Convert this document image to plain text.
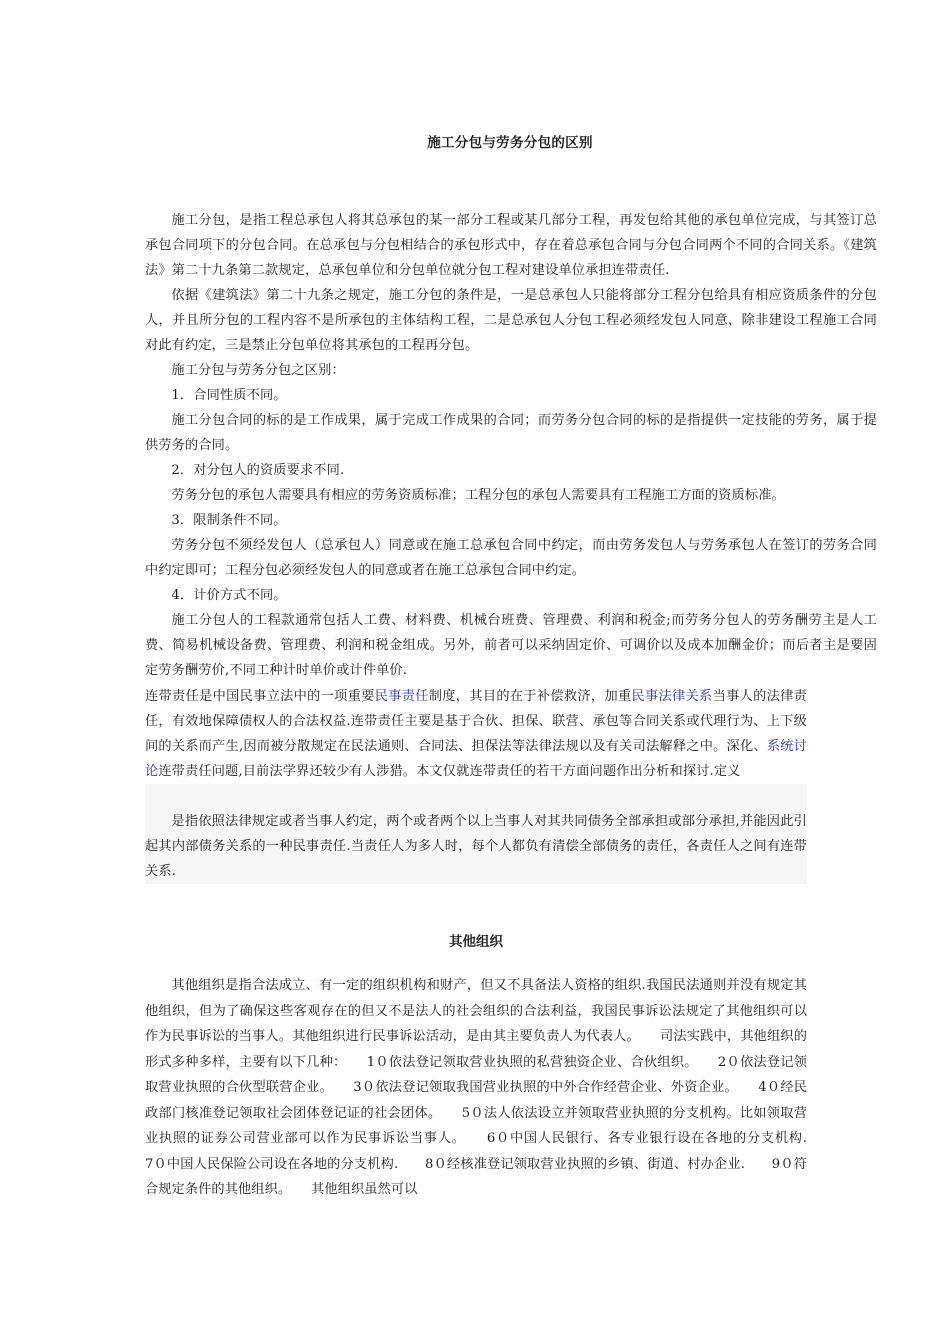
施工分包与劳务分包的区别

施工分包，是指工程总承包人将其总承包的某一部分工程或某几部分工程，再发包给其他的承包单位完成，与其签订总承包合同项下的分包合同。在总承包与分包相结合的承包形式中，存在着总承包合同与分包合同两个不同的合同关系。《建筑法》第二十九条第二款规定，总承包单位和分包单位就分包工程对建设单位承担连带责任.

依据《建筑法》第二十九条之规定，施工分包的条件是，一是总承包人只能将部分工程分包给具有相应资质条件的分包人，并且所分包的工程内容不是所承包的主体结构工程，二是总承包人分包工程必须经发包人同意，除非建设工程施工合同对此有约定，三是禁止分包单位将其承包的工程再分包。

施工分包与劳务分包之区别：

1．合同性质不同。

施工分包合同的标的是工作成果，属于完成工作成果的合同；而劳务分包合同的标的是指提供一定技能的劳务，属于提供劳务的合同。

2．对分包人的资质要求不同.

劳务分包的承包人需要具有相应的劳务资质标准；工程分包的承包人需要具有工程施工方面的资质标准。

3．限制条件不同。

劳务分包不须经发包人（总承包人）同意或在施工总承包合同中约定，而由劳务发包人与劳务承包人在签订的劳务合同中约定即可；工程分包必须经发包人的同意或者在施工总承包合同中约定。

4．计价方式不同。

施工分包人的工程款通常包括人工费、材料费、机械台班费、管理费、利润和税金;而劳务分包人的劳务酬劳主是人工费、简易机械设备费、管理费、利润和税金组成。另外，前者可以采纳固定价、可调价以及成本加酬金价；而后者主是要固定劳务酬劳价,不同工种计时单价或计件单价.

连带责任是中国民事立法中的一项重要民事责任制度，其目的在于补偿救济，加重民事法律关系当事人的法律责任，有效地保障债权人的合法权益.连带责任主要是基于合伙、担保、联营、承包等合同关系或代理行为、上下级间的关系而产生,因而被分散规定在民法通则、合同法、担保法等法律法规以及有关司法解释之中。深化、系统讨论连带责任问题,目前法学界还较少有人涉猎。本文仅就连带责任的若干方面问题作出分析和探讨.定义

是指依照法律规定或者当事人约定，两个或者两个以上当事人对其共同债务全部承担或部分承担,并能因此引起其内部债务关系的一种民事责任.当责任人为多人时，每个人都负有清偿全部债务的责任，各责任人之间有连带关系.

其他组织

其他组织是指合法成立、有一定的组织机构和财产，但又不具备法人资格的组织.我国民法通则并没有规定其他组织，但为了确保这些客观存在的但又不是法人的社会组织的合法利益，我国民事诉讼法规定了其他组织可以作为民事诉讼的当事人。其他组织进行民事诉讼活动，是由其主要负责人为代表人。　　司法实践中，其他组织的形式多种多样，主要有以下几种：　　1０依法登记领取营业执照的私营独资企业、合伙组织。　　2０依法登记领取营业执照的合伙型联营企业。　　3０依法登记领取我国营业执照的中外合作经营企业、外资企业。　　4０经民政部门核准登记领取社会团体登记证的社会团体。　　5０法人依法设立并领取营业执照的分支机构。比如领取营业执照的证券公司营业部可以作为民事诉讼当事人。　　6０中国人民银行、各专业银行设在各地的分支机构.　　7０中国人民保险公司设在各地的分支机构.　　8０经核准登记领取营业执照的乡镇、街道、村办企业.　　9０符合规定条件的其他组织。　　其他组织虽然可以
